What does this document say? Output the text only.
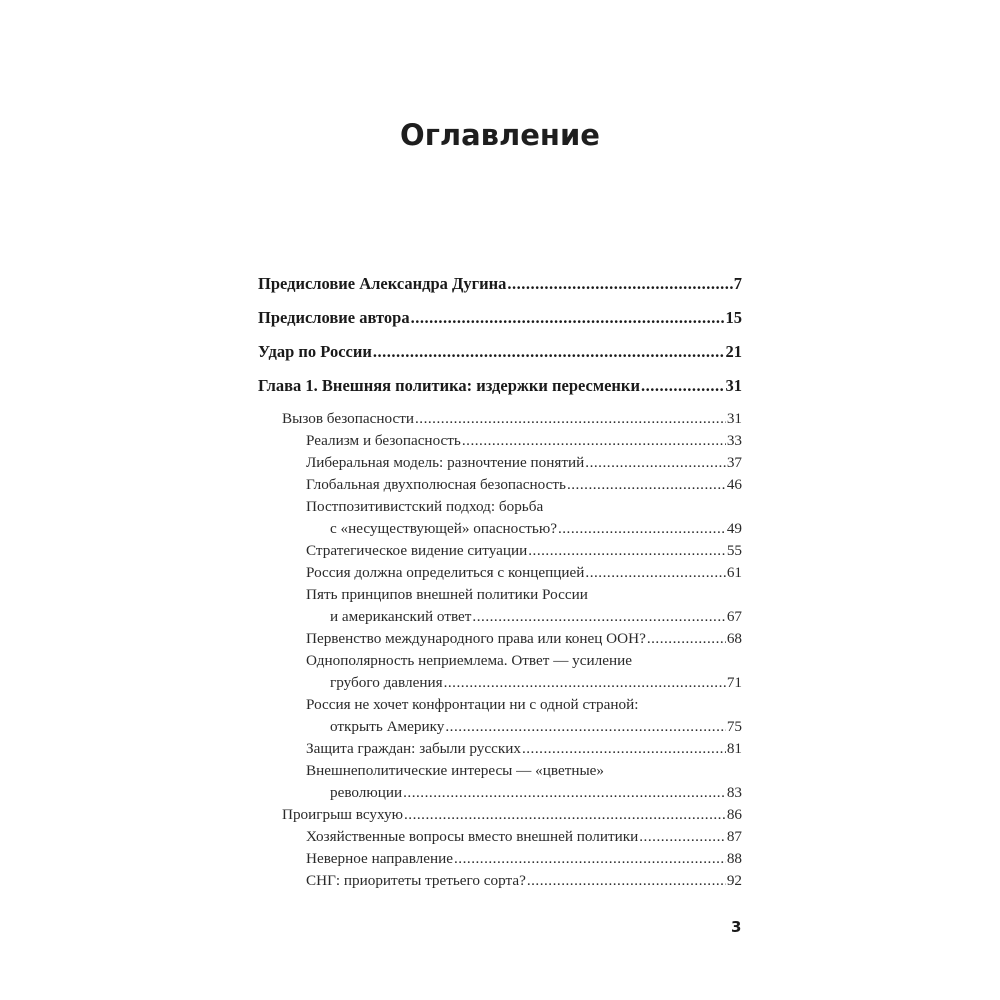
Оглавление
Предисловие Александра Дугина .....	7
Предисловие автора .....	15
Удар по России .....	21
Глава 1. Внешняя политика: издержки пересменки .....	31
Вызов безопасности .....	31
Реализм и безопасность .....	33
Либеральная модель: разночтение понятий .....	37
Глобальная двухполюсная безопасность .....	46
Постпозитивистский подход: борьба
с «несуществующей» опасностью? .....	49
Стратегическое видение ситуации .....	55
Россия должна определиться с концепцией .....	61
Пять принципов внешней политики России
и американский ответ .....	67
Первенство международного права или конец ООН? .....	68
Однополярность неприемлема. Ответ — усиление
грубого давления .....	71
Россия не хочет конфронтации ни с одной страной:
открыть Америку .....	75
Защита граждан: забыли русских .....	81
Внешнеполитические интересы — «цветные»
революции .....	83
Проигрыш всухую .....	86
Хозяйственные вопросы вместо внешней политики .....	87
Неверное направление .....	88
СНГ: приоритеты третьего сорта? .....	92
3
